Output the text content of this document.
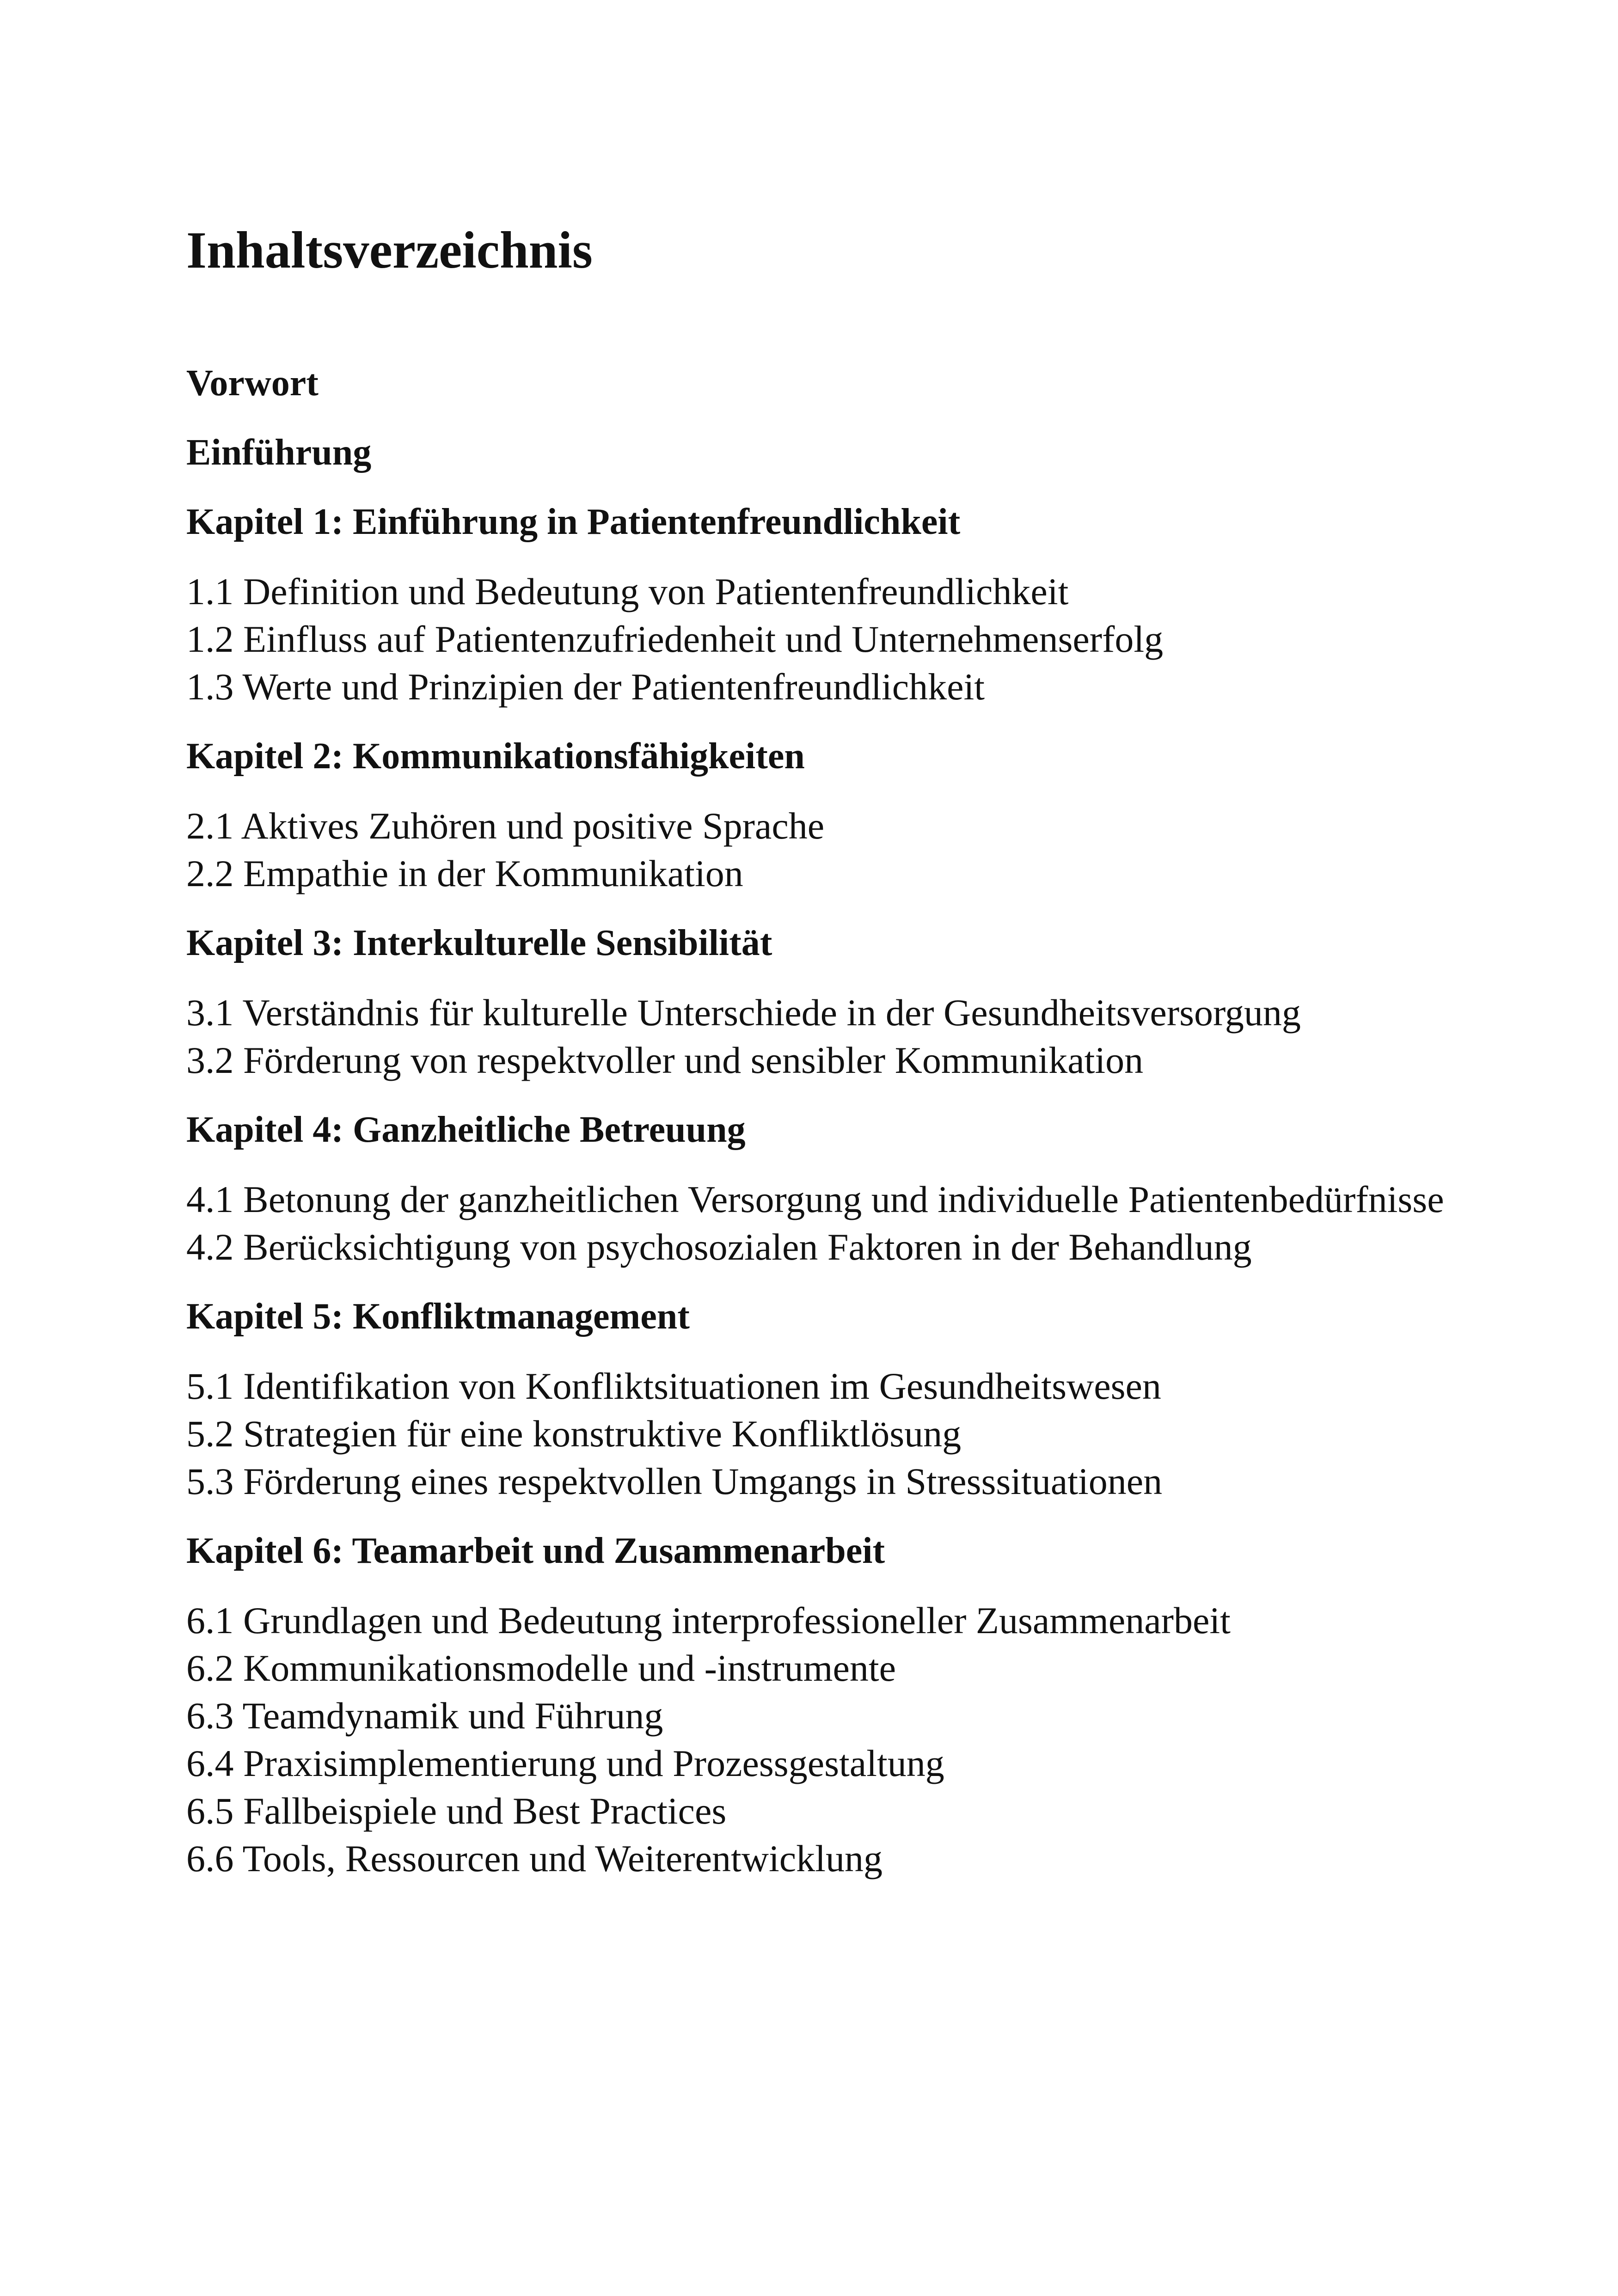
Inhaltsverzeichnis
Vorwort
Einführung
Kapitel 1: Einführung in Patientenfreundlichkeit
1.1 Definition und Bedeutung von Patientenfreundlichkeit
1.2 Einfluss auf Patientenzufriedenheit und Unternehmenserfolg
1.3 Werte und Prinzipien der Patientenfreundlichkeit
Kapitel 2: Kommunikationsfähigkeiten
2.1 Aktives Zuhören und positive Sprache
2.2 Empathie in der Kommunikation
Kapitel 3: Interkulturelle Sensibilität
3.1 Verständnis für kulturelle Unterschiede in der Gesundheitsversorgung
3.2 Förderung von respektvoller und sensibler Kommunikation
Kapitel 4: Ganzheitliche Betreuung
4.1 Betonung der ganzheitlichen Versorgung und individuelle Patientenbedürfnisse
4.2 Berücksichtigung von psychosozialen Faktoren in der Behandlung
Kapitel 5: Konfliktmanagement
5.1 Identifikation von Konfliktsituationen im Gesundheitswesen
5.2 Strategien für eine konstruktive Konfliktlösung
5.3 Förderung eines respektvollen Umgangs in Stresssituationen
Kapitel 6: Teamarbeit und Zusammenarbeit
6.1 Grundlagen und Bedeutung interprofessioneller Zusammenarbeit
6.2 Kommunikationsmodelle und -instrumente
6.3 Teamdynamik und Führung
6.4 Praxisimplementierung und Prozessgestaltung
6.5 Fallbeispiele und Best Practices
6.6 Tools, Ressourcen und Weiterentwicklung
